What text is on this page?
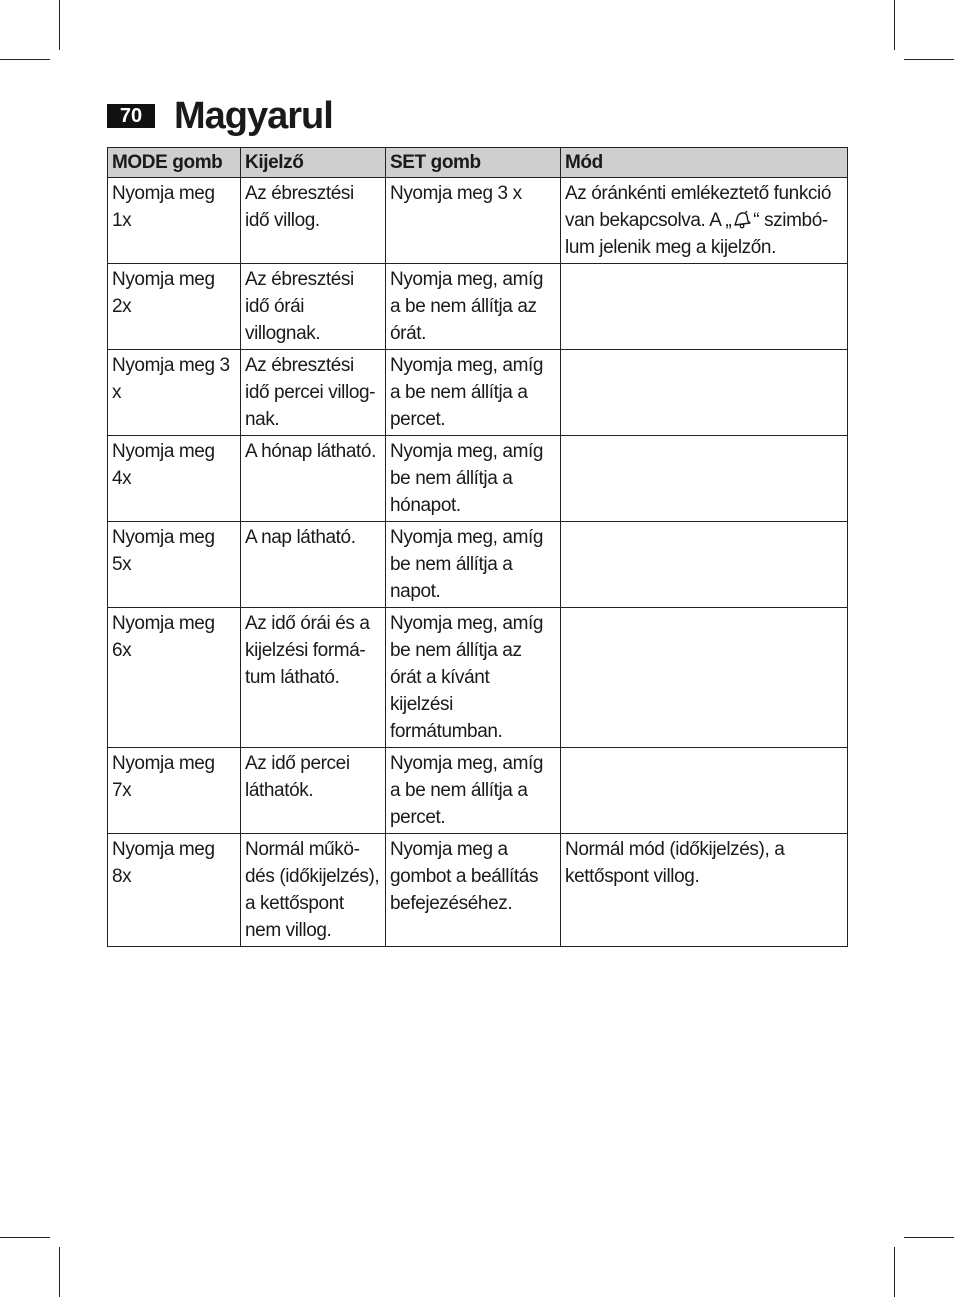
70 Magyarul
MODE gomb	Kijelző	SET gomb	Mód
Nyomja meg 1x	Az ébresztési idő villog.	Nyomja meg 3 x	Az óránkénti emlékeztető funkció van bekapcsolva. A „ “ szimbó-lum jelenik meg a kijelzőn.
Nyomja meg 2x	Az ébresztési idő órái villognak.	Nyomja meg, amíg a be nem állítja az órát.	
Nyomja meg 3 x	Az ébresztési idő percei villog-nak.	Nyomja meg, amíg a be nem állítja a percet.	
Nyomja meg 4x	A hónap látható.	Nyomja meg, amíg be nem állítja a hónapot.	
Nyomja meg 5x	A nap látható.	Nyomja meg, amíg be nem állítja a napot.	
Nyomja meg 6x	Az idő órái és a kijelzési formá-tum látható.	Nyomja meg, amíg be nem állítja az órát a kívánt kijelzési formátumban.	
Nyomja meg 7x	Az idő percei láthatók.	Nyomja meg, amíg a be nem állítja a percet.	
Nyomja meg 8x	Normál műkö-dés (időkijelzés), a kettőspont nem villog.	Nyomja meg a gombot a beállítás befejezéséhez.	Normál mód (időkijelzés), a kettőspont villog.
